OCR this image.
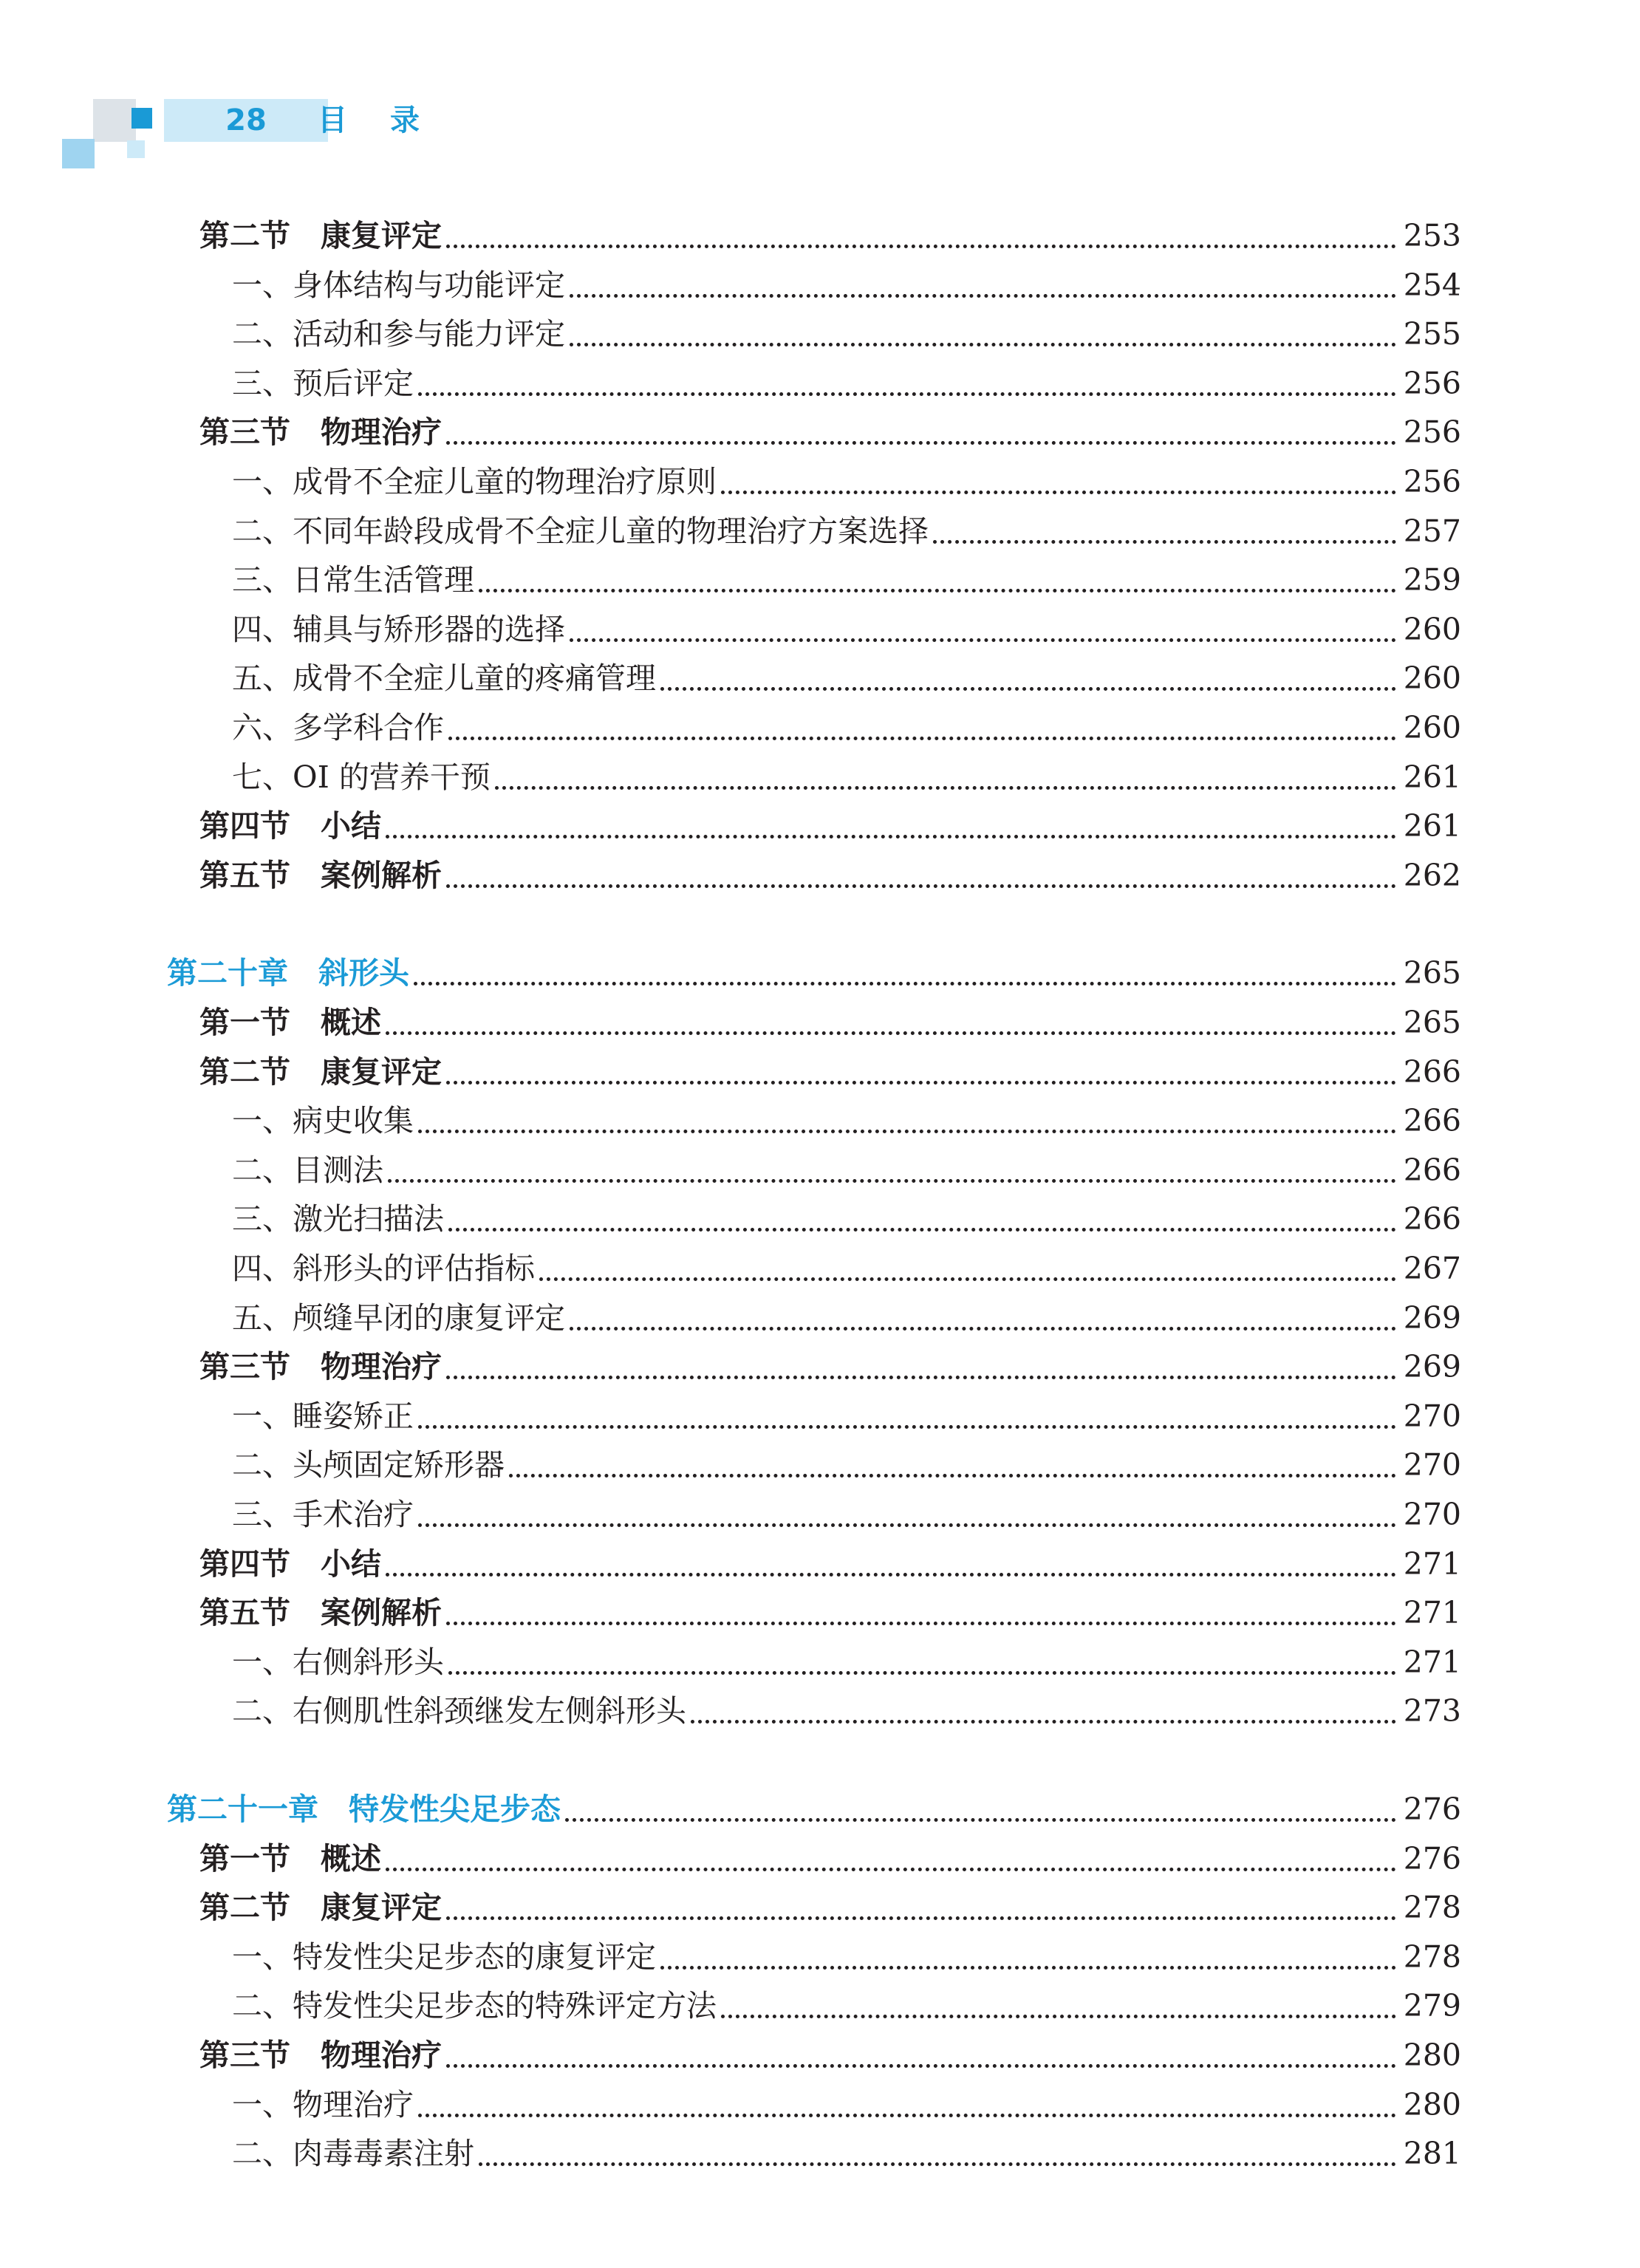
28	目录
第二节　康复评定	253
一、身体结构与功能评定	254
二、活动和参与能力评定	255
三、预后评定	256
第三节　物理治疗	256
一、成骨不全症儿童的物理治疗原则	256
二、不同年龄段成骨不全症儿童的物理治疗方案选择	257
三、日常生活管理	259
四、辅具与矫形器的选择	260
五、成骨不全症儿童的疼痛管理	260
六、多学科合作	260
七、OI 的营养干预	261
第四节　小结	261
第五节　案例解析	262
第二十章　斜形头	265
第一节　概述	265
第二节　康复评定	266
一、病史收集	266
二、目测法	266
三、激光扫描法	266
四、斜形头的评估指标	267
五、颅缝早闭的康复评定	269
第三节　物理治疗	269
一、睡姿矫正	270
二、头颅固定矫形器	270
三、手术治疗	270
第四节　小结	271
第五节　案例解析	271
一、右侧斜形头	271
二、右侧肌性斜颈继发左侧斜形头	273
第二十一章　特发性尖足步态	276
第一节　概述	276
第二节　康复评定	278
一、特发性尖足步态的康复评定	278
二、特发性尖足步态的特殊评定方法	279
第三节　物理治疗	280
一、物理治疗	280
二、肉毒毒素注射	281
